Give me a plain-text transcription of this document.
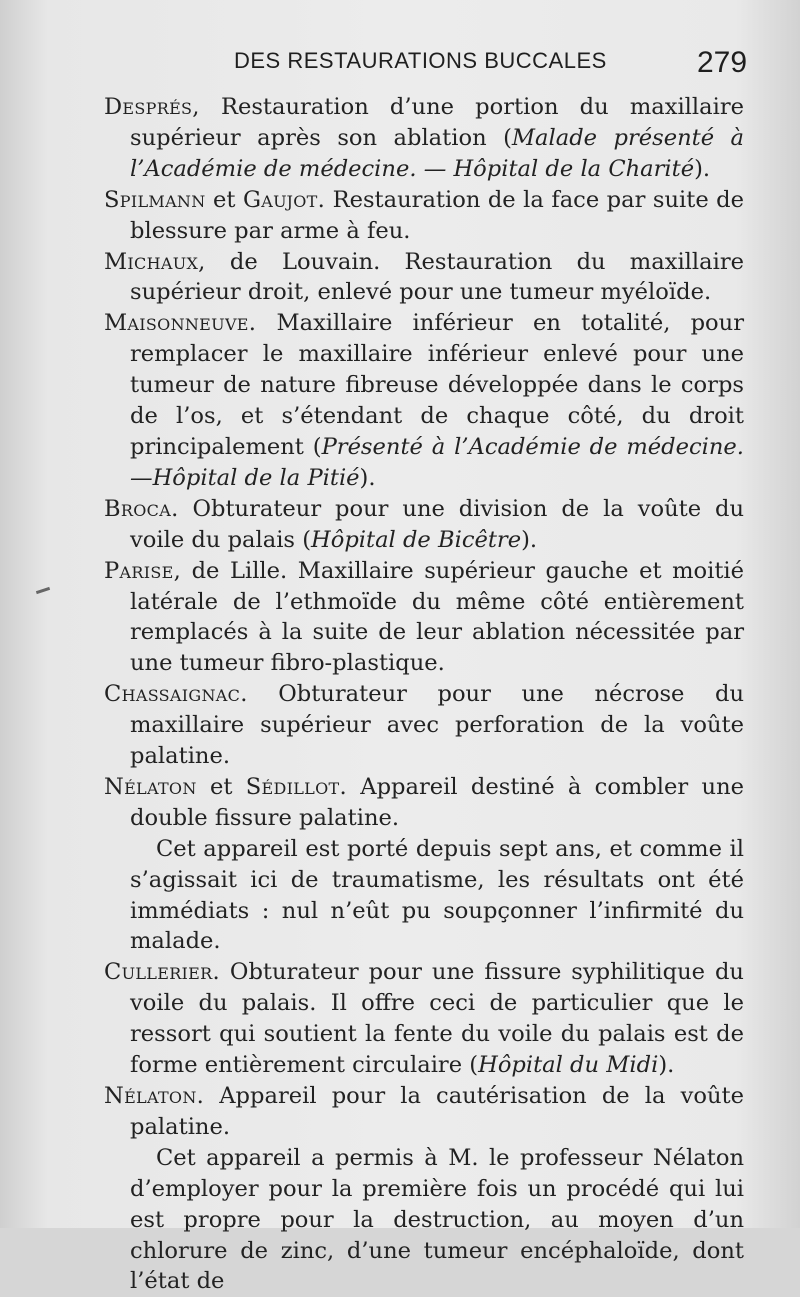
DES RESTAURATIONS BUCCALES	279

Després, Restauration d’une portion du maxillaire supérieur après son ablation (Malade présenté à l’Académie de médecine. — Hôpital de la Charité).

Spilmann et Gaujot. Restauration de la face par suite de blessure par arme à feu.

Michaux, de Louvain. Restauration du maxillaire supérieur droit, enlevé pour une tumeur myéloïde.

Maisonneuve. Maxillaire inférieur en totalité, pour remplacer le maxillaire inférieur enlevé pour une tumeur de nature fibreuse développée dans le corps de l’os, et s’étendant de chaque côté, du droit principalement (Présenté à l’Académie de médecine.—Hôpital de la Pitié).

Broca. Obturateur pour une division de la voûte du voile du palais (Hôpital de Bicêtre).

Parise, de Lille. Maxillaire supérieur gauche et moitié latérale de l’ethmoïde du même côté entièrement remplacés à la suite de leur ablation nécessitée par une tumeur fibro-plastique.

Chassaignac. Obturateur pour une nécrose du maxillaire supérieur avec perforation de la voûte palatine.

Nélaton et Sédillot. Appareil destiné à combler une double fissure palatine.

Cet appareil est porté depuis sept ans, et comme il s’agissait ici de traumatisme, les résultats ont été immédiats : nul n’eût pu soupçonner l’infirmité du malade.

Cullerier. Obturateur pour une fissure syphilitique du voile du palais. Il offre ceci de particulier que le ressort qui soutient la fente du voile du palais est de forme entièrement circulaire (Hôpital du Midi).

Nélaton. Appareil pour la cautérisation de la voûte palatine.

Cet appareil a permis à M. le professeur Nélaton d’employer pour la première fois un procédé qui lui est propre pour la destruction, au moyen d’un chlorure de zinc, d’une tumeur encéphaloïde, dont l’état de
